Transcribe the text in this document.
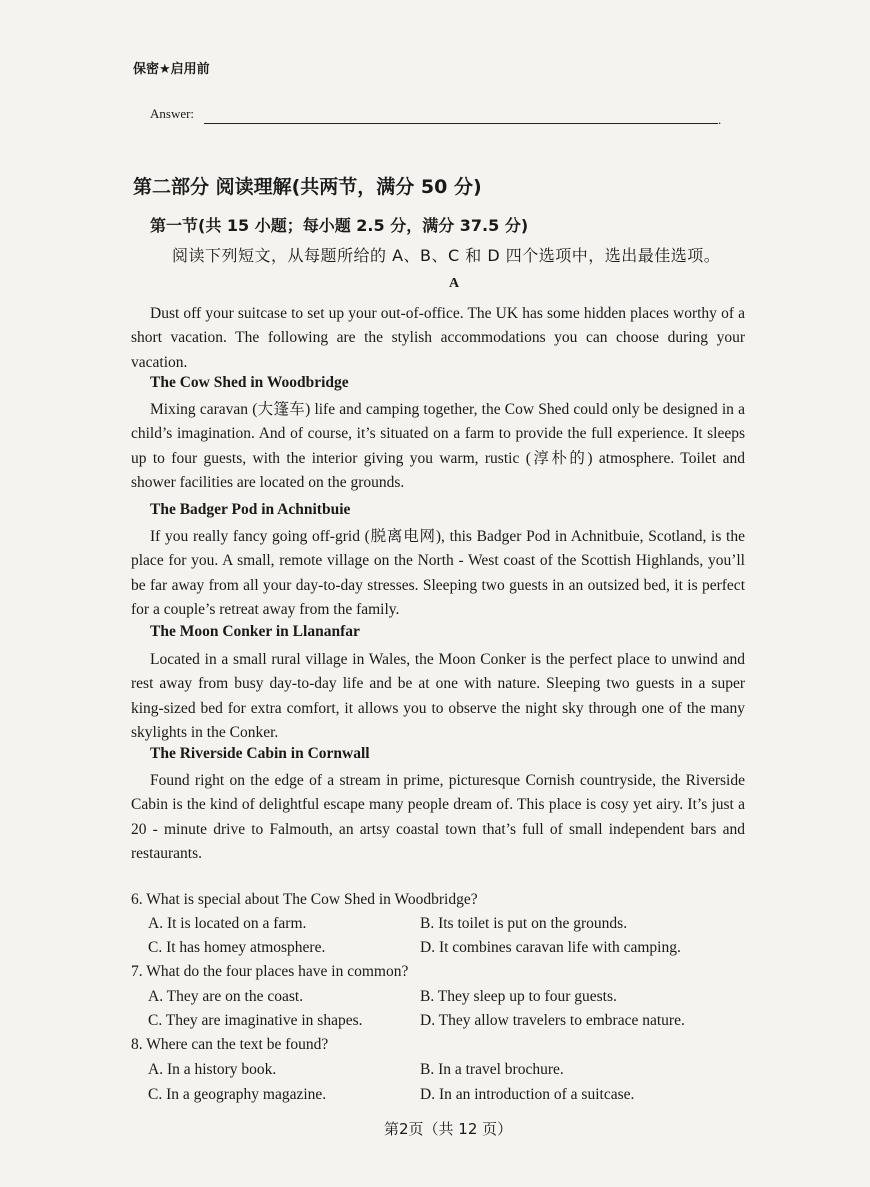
保密★启用前
Answer:	.
第二部分 阅读理解(共两节，满分 50 分)
第一节(共 15 小题；每小题 2.5 分，满分 37.5 分)
阅读下列短文，从每题所给的 A、B、C 和 D 四个选项中，选出最佳选项。
A
Dust off your suitcase to set up your out-of-office. The UK has some hidden places worthy of a short vacation. The following are the stylish accommodations you can choose during your vacation.
The Cow Shed in Woodbridge
Mixing caravan (大篷车) life and camping together, the Cow Shed could only be designed in a child’s imagination. And of course, it’s situated on a farm to provide the full experience. It sleeps up to four guests, with the interior giving you warm, rustic (淳朴的) atmosphere. Toilet and shower facilities are located on the grounds.
The Badger Pod in Achnitbuie
If you really fancy going off-grid (脱离电网), this Badger Pod in Achnitbuie, Scotland, is the place for you. A small, remote village on the North - West coast of the Scottish Highlands, you’ll be far away from all your day-to-day stresses. Sleeping two guests in an outsized bed, it is perfect for a couple’s retreat away from the family.
The Moon Conker in Llananfar
Located in a small rural village in Wales, the Moon Conker is the perfect place to unwind and rest away from busy day-to-day life and be at one with nature. Sleeping two guests in a super king-sized bed for extra comfort, it allows you to observe the night sky through one of the many skylights in the Conker.
The Riverside Cabin in Cornwall
Found right on the edge of a stream in prime, picturesque Cornish countryside, the Riverside Cabin is the kind of delightful escape many people dream of. This place is cosy yet airy. It’s just a 20 - minute drive to Falmouth, an artsy coastal town that’s full of small independent bars and restaurants.
6. What is special about The Cow Shed in Woodbridge?
A. It is located on a farm.	B. Its toilet is put on the grounds.
C. It has homey atmosphere.	D. It combines caravan life with camping.
7. What do the four places have in common?
A. They are on the coast.	B. They sleep up to four guests.
C. They are imaginative in shapes.	D. They allow travelers to embrace nature.
8. Where can the text be found?
A. In a history book.	B. In a travel brochure.
C. In a geography magazine.	D. In an introduction of a suitcase.
第2页（共 12 页）
